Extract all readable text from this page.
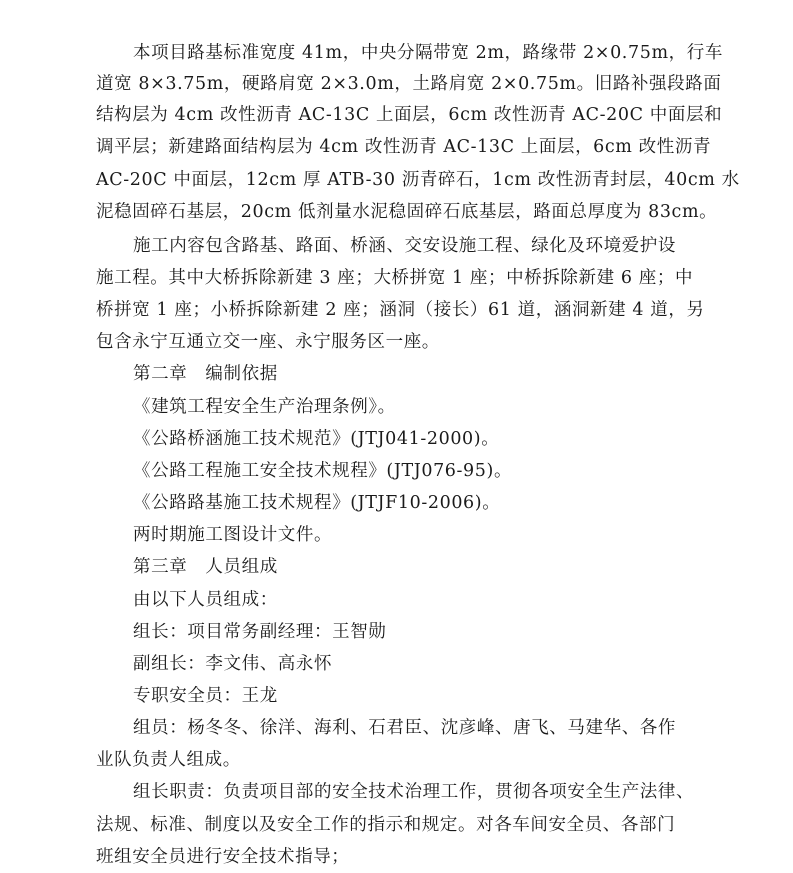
本项目路基标准宽度 41m，中央分隔带宽 2m，路缘带 2×0.75m，行车
道宽 8×3.75m，硬路肩宽 2×3.0m，土路肩宽 2×0.75m。旧路补强段路面
结构层为 4cm 改性沥青 AC-13C 上面层，6cm 改性沥青 AC-20C 中面层和
调平层；新建路面结构层为 4cm 改性沥青 AC-13C 上面层，6cm 改性沥青
AC-20C 中面层，12cm 厚 ATB-30 沥青碎石，1cm 改性沥青封层，40cm 水
泥稳固碎石基层，20cm 低剂量水泥稳固碎石底基层，路面总厚度为 83cm。
施工内容包含路基、路面、桥涵、交安设施工程、绿化及环境爱护设
施工程。其中大桥拆除新建 3 座；大桥拼宽 1 座；中桥拆除新建 6 座；中
桥拼宽 1 座；小桥拆除新建 2 座；涵洞（接长）61 道，涵洞新建 4 道，另
包含永宁互通立交一座、永宁服务区一座。
第二章　编制依据
《建筑工程安全生产治理条例》。
《公路桥涵施工技术规范》(JTJ041-2000)。
《公路工程施工安全技术规程》(JTJ076-95)。
《公路路基施工技术规程》(JTJF10-2006)。
两时期施工图设计文件。
第三章　人员组成
由以下人员组成：
组长：项目常务副经理：王智勋
副组长：李文伟、高永怀
专职安全员：王龙
组员：杨冬冬、徐洋、海利、石君臣、沈彦峰、唐飞、马建华、各作
业队负责人组成。
组长职责：负责项目部的安全技术治理工作，贯彻各项安全生产法律、
法规、标准、制度以及安全工作的指示和规定。对各车间安全员、各部门
班组安全员进行安全技术指导；
